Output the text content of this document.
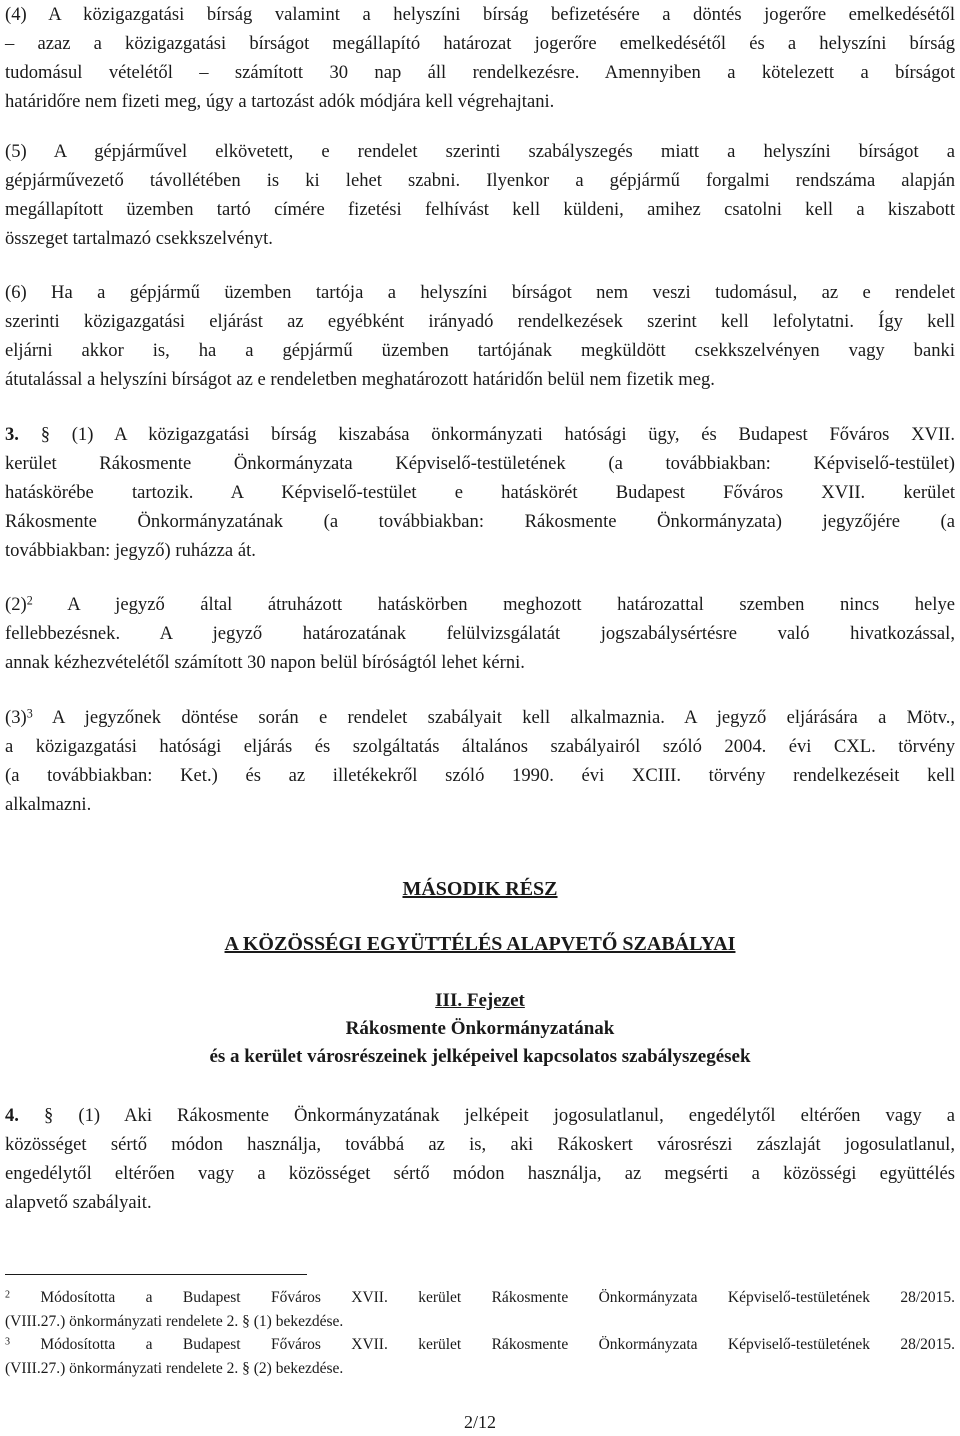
(4) A közigazgatási bírság valamint a helyszíni bírság befizetésére a döntés jogerőre emelkedésétől
– azaz a közigazgatási bírságot megállapító határozat jogerőre emelkedésétől és a helyszíni bírság
tudomásul vételétől – számított 30 nap áll rendelkezésre. Amennyiben a kötelezett a bírságot
határidőre nem fizeti meg, úgy a tartozást adók módjára kell végrehajtani.
(5) A gépjárművel elkövetett, e rendelet szerinti szabályszegés miatt a helyszíni bírságot a
gépjárművezető távollétében is ki lehet szabni. Ilyenkor a gépjármű forgalmi rendszáma alapján
megállapított üzemben tartó címére fizetési felhívást kell küldeni, amihez csatolni kell a kiszabott
összeget tartalmazó csekkszelvényt.
(6) Ha a gépjármű üzemben tartója a helyszíni bírságot nem veszi tudomásul, az e rendelet
szerinti közigazgatási eljárást az egyébként irányadó rendelkezések szerint kell lefolytatni. Így kell
eljárni akkor is, ha a gépjármű üzemben tartójának megküldött csekkszelvényen vagy banki
átutalással a helyszíni bírságot az e rendeletben meghatározott határidőn belül nem fizetik meg.
3. § (1) A közigazgatási bírság kiszabása önkormányzati hatósági ügy, és Budapest Főváros XVII.
kerület Rákosmente Önkormányzata Képviselő-testületének (a továbbiakban: Képviselő-testület)
hatáskörébe tartozik. A Képviselő-testület e hatáskörét Budapest Főváros XVII. kerület
Rákosmente Önkormányzatának (a továbbiakban: Rákosmente Önkormányzata) jegyzőjére (a
továbbiakban: jegyző) ruházza át.
$(2)^2$ A jegyző által átruházott hatáskörben meghozott határozattal szemben nincs helye
fellebbezésnek. A jegyző határozatának felülvizsgálatát jogszabálysértésre való hivatkozással,
annak kézhezvételétől számított 30 napon belül bíróságtól lehet kérni.
$(3)^3$ A jegyzőnek döntése során e rendelet szabályait kell alkalmaznia. A jegyző eljárására a Mötv.,
a közigazgatási hatósági eljárás és szolgáltatás általános szabályairól szóló 2004. évi CXL. törvény
(a továbbiakban: Ket.) és az illetékekről szóló 1990. évi XCIII. törvény rendelkezéseit kell
alkalmazni.
MÁSODIK RÉSZ
A KÖZÖSSÉGI EGYÜTTÉLÉS ALAPVETŐ SZABÁLYAI
III. Fejezet
Rákosmente Önkormányzatának
és a kerület városrészeinek jelképeivel kapcsolatos szabályszegések
4. § (1) Aki Rákosmente Önkormányzatának jelképeit jogosulatlanul, engedélytől eltérően vagy a
közösséget sértő módon használja, továbbá az is, aki Rákoskert városrészi zászlaját jogosulatlanul,
engedélytől eltérően vagy a közösséget sértő módon használja, az megsérti a közösségi együttélés
alapvető szabályait.
$^2$ Módosította a Budapest Főváros XVII. kerület Rákosmente Önkormányzata Képviselő-testületének 28/2015.
(VIII.27.) önkormányzati rendelete 2. § (1) bekezdése.
$^3$ Módosította a Budapest Főváros XVII. kerület Rákosmente Önkormányzata Képviselő-testületének 28/2015.
(VIII.27.) önkormányzati rendelete 2. § (2) bekezdése.
2/12
